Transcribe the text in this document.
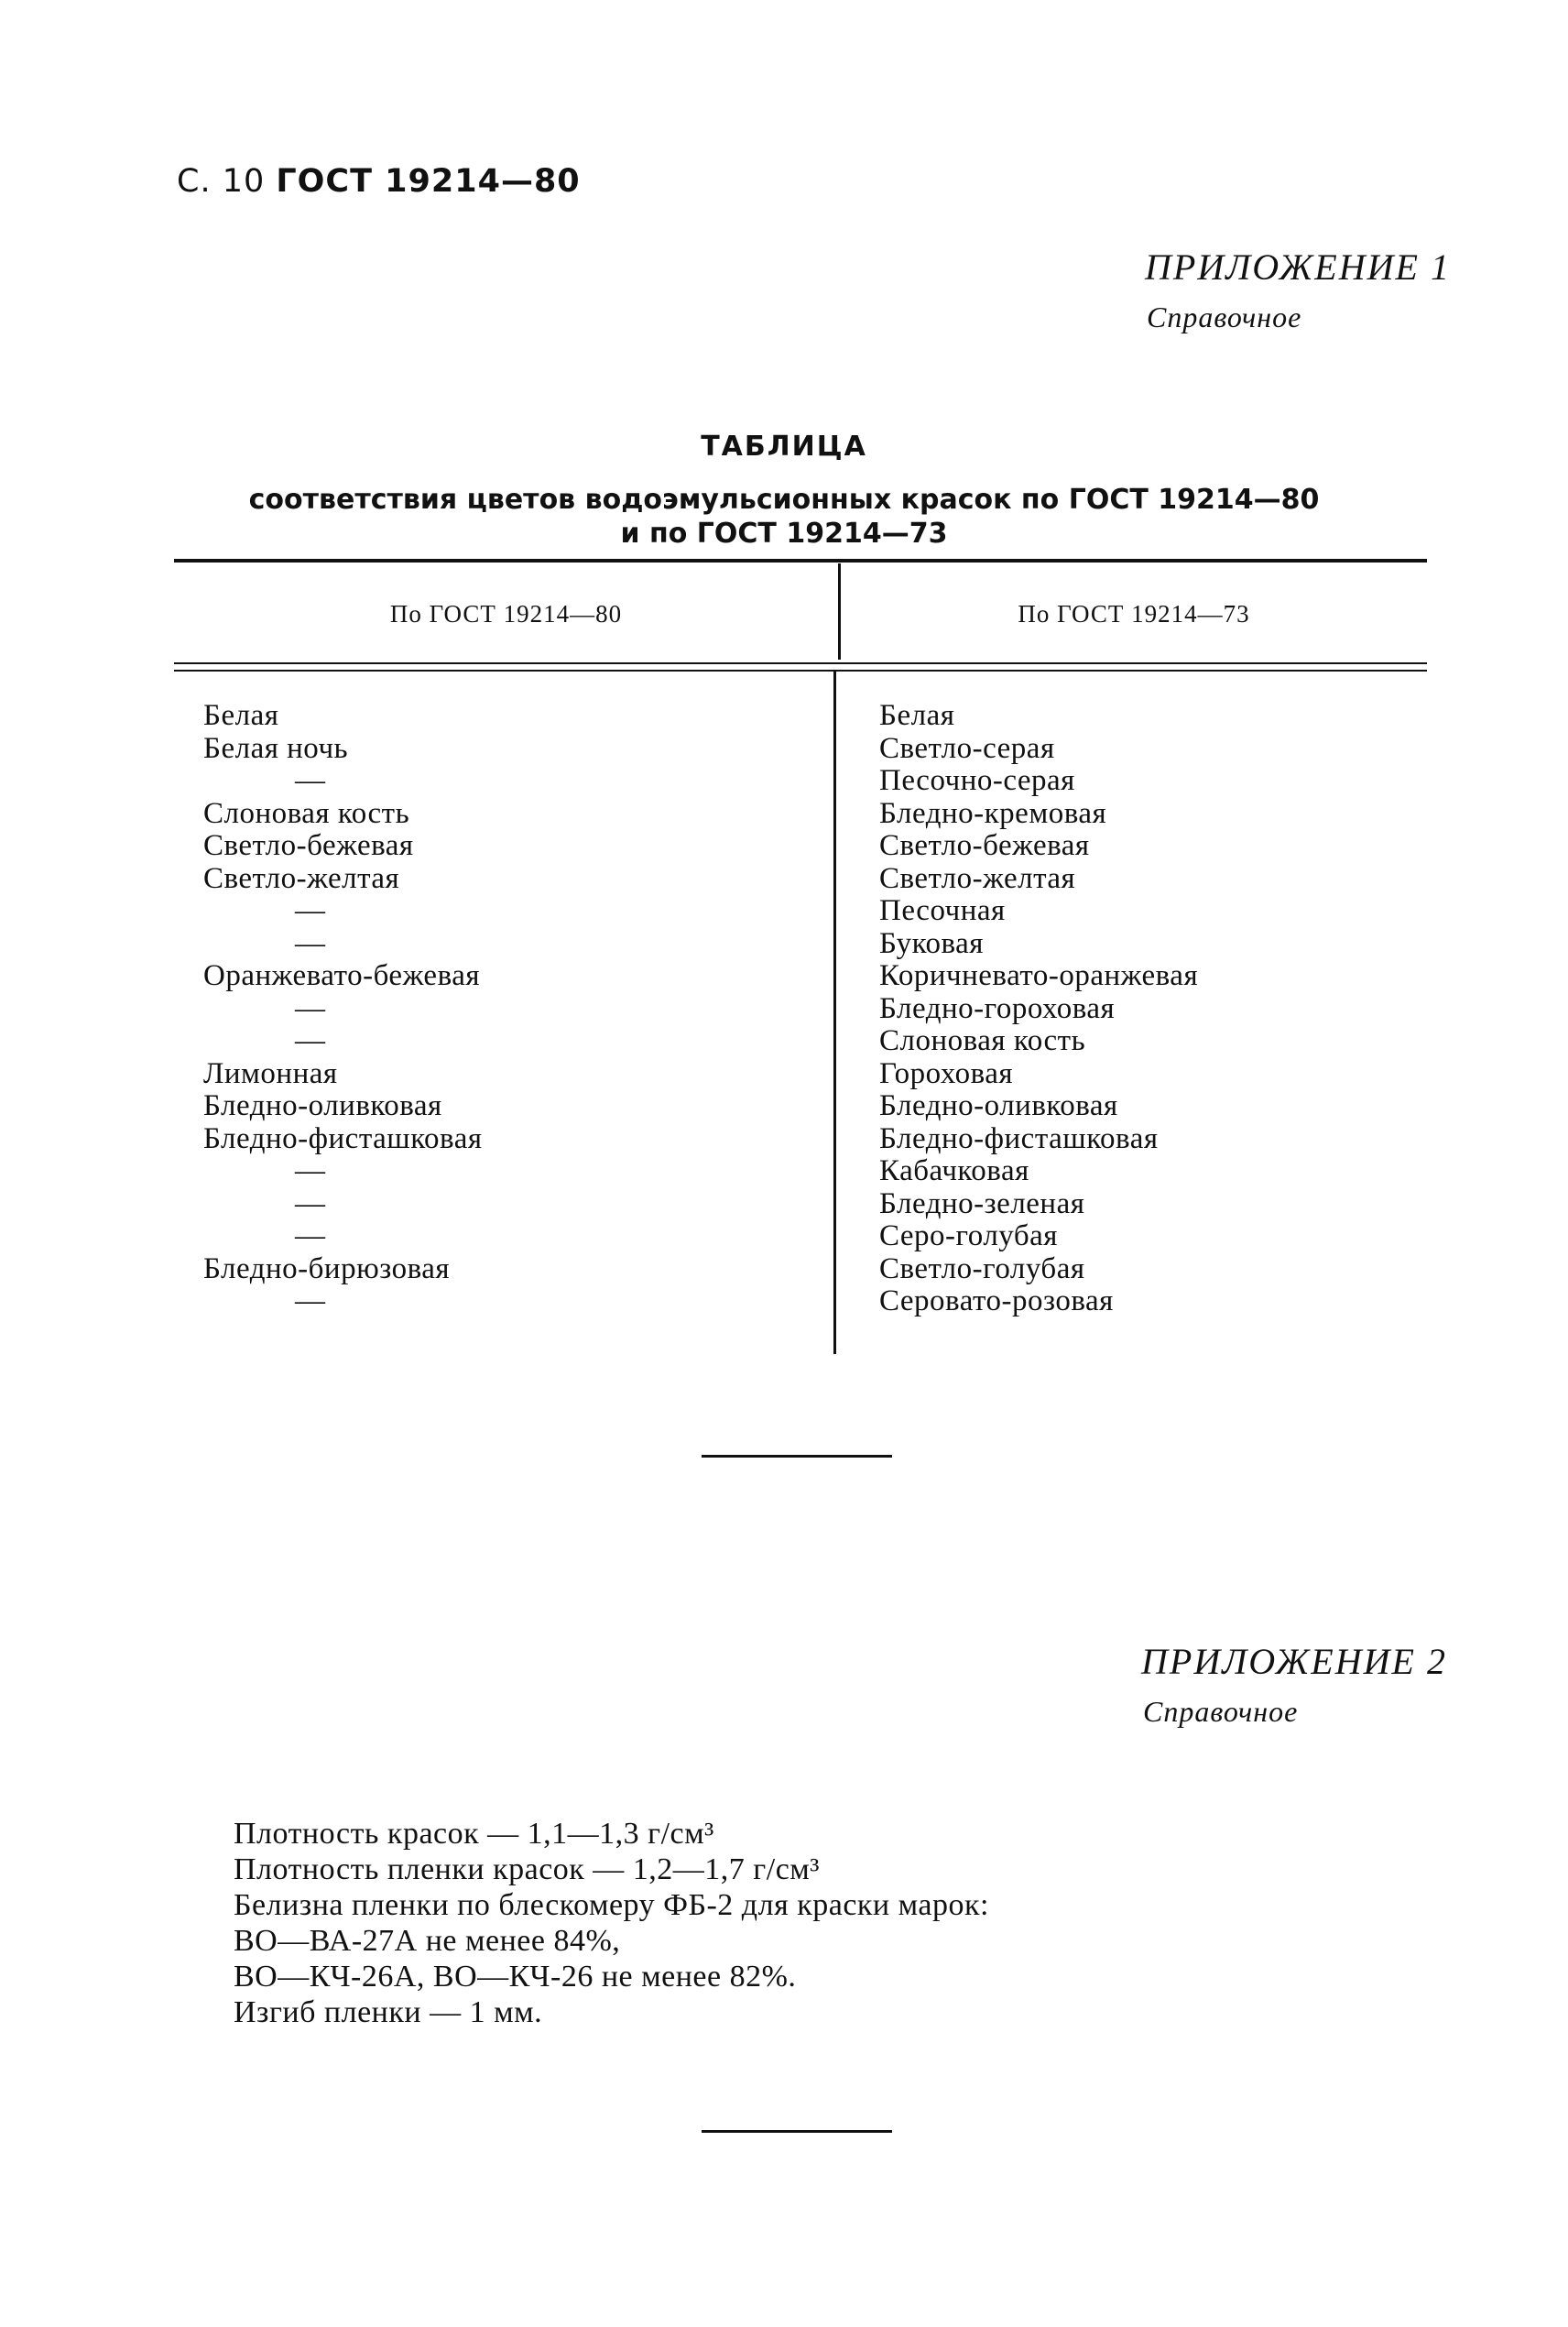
С. 10 ГОСТ 19214—80
ПРИЛОЖЕНИЕ 1
Справочное
ТАБЛИЦА
соответствия цветов водоэмульсионных красок по ГОСТ 19214—80
и по ГОСТ 19214—73
По ГОСТ 19214—80	По ГОСТ 19214—73
Белая
Белая ночь
—
Слоновая кость
Светло-бежевая
Светло-желтая
—
—
Оранжевато-бежевая
—
—
Лимонная
Бледно-оливковая
Бледно-фисташковая
—
—
—
Бледно-бирюзовая
—
Белая
Светло-серая
Песочно-серая
Бледно-кремовая
Светло-бежевая
Светло-желтая
Песочная
Буковая
Коричневато-оранжевая
Бледно-гороховая
Слоновая кость
Гороховая
Бледно-оливковая
Бледно-фисташковая
Кабачковая
Бледно-зеленая
Серо-голубая
Светло-голубая
Серовато-розовая
ПРИЛОЖЕНИЕ 2
Справочное
Плотность красок — 1,1—1,3 г/см³
Плотность пленки красок — 1,2—1,7 г/см³
Белизна пленки по блескомеру ФБ-2 для краски марок:
ВО—ВА-27А не менее 84%,
ВО—КЧ-26А, ВО—КЧ-26 не менее 82%.
Изгиб пленки — 1 мм.
